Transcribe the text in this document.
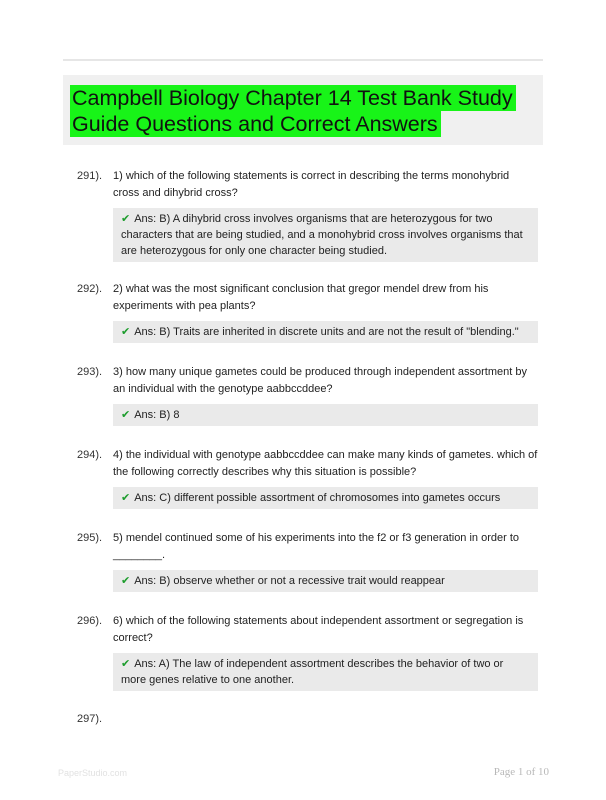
Campbell Biology Chapter 14 Test Bank Study Guide Questions and Correct Answers
291). 1) which of the following statements is correct in describing the terms monohybrid cross and dihybrid cross?
✔ Ans: B) A dihybrid cross involves organisms that are heterozygous for two characters that are being studied, and a monohybrid cross involves organisms that are heterozygous for only one character being studied.
292). 2) what was the most significant conclusion that gregor mendel drew from his experiments with pea plants?
✔ Ans: B) Traits are inherited in discrete units and are not the result of "blending."
293). 3) how many unique gametes could be produced through independent assortment by an individual with the genotype aabbccddee?
✔ Ans: B) 8
294). 4) the individual with genotype aabbccddee can make many kinds of gametes. which of the following correctly describes why this situation is possible?
✔ Ans: C) different possible assortment of chromosomes into gametes occurs
295). 5) mendel continued some of his experiments into the f2 or f3 generation in order to ________.
✔ Ans: B) observe whether or not a recessive trait would reappear
296). 6) which of the following statements about independent assortment or segregation is correct?
✔ Ans: A) The law of independent assortment describes the behavior of two or more genes relative to one another.
297).
PaperStudio.com	Page 1 of 10
